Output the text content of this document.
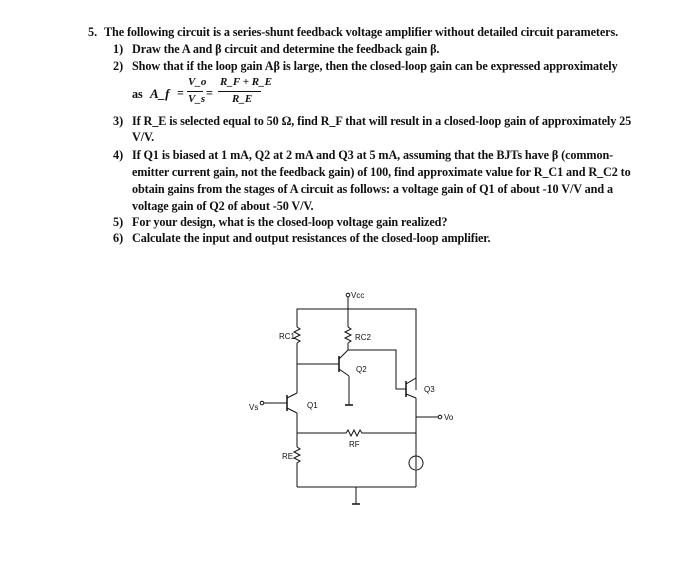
5. The following circuit is a series-shunt feedback voltage amplifier without detailed circuit parameters.
1) Draw the A and β circuit and determine the feedback gain β.
2) Show that if the loop gain Aβ is large, then the closed-loop gain can be expressed approximately
as A_f =
V_o
V_s =
R_F + R_E
R_E
3) If R_E is selected equal to 50 Ω, find R_F that will result in a closed-loop gain of approximately 25
V/V.
4) If Q1 is biased at 1 mA, Q2 at 2 mA and Q3 at 5 mA, assuming that the BJTs have β (common-
emitter current gain, not the feedback gain) of 100, find approximate value for R_C1 and R_C2 to
obtain gains from the stages of A circuit as follows: a voltage gain of Q1 of about -10 V/V and a
voltage gain of Q2 of about -50 V/V.
5) For your design, what is the closed-loop voltage gain realized?
6) Calculate the input and output resistances of the closed-loop amplifier.
Vcc
RC1	RC2
Q2
Q3
Vs	Q1
Vo
RF
RE
